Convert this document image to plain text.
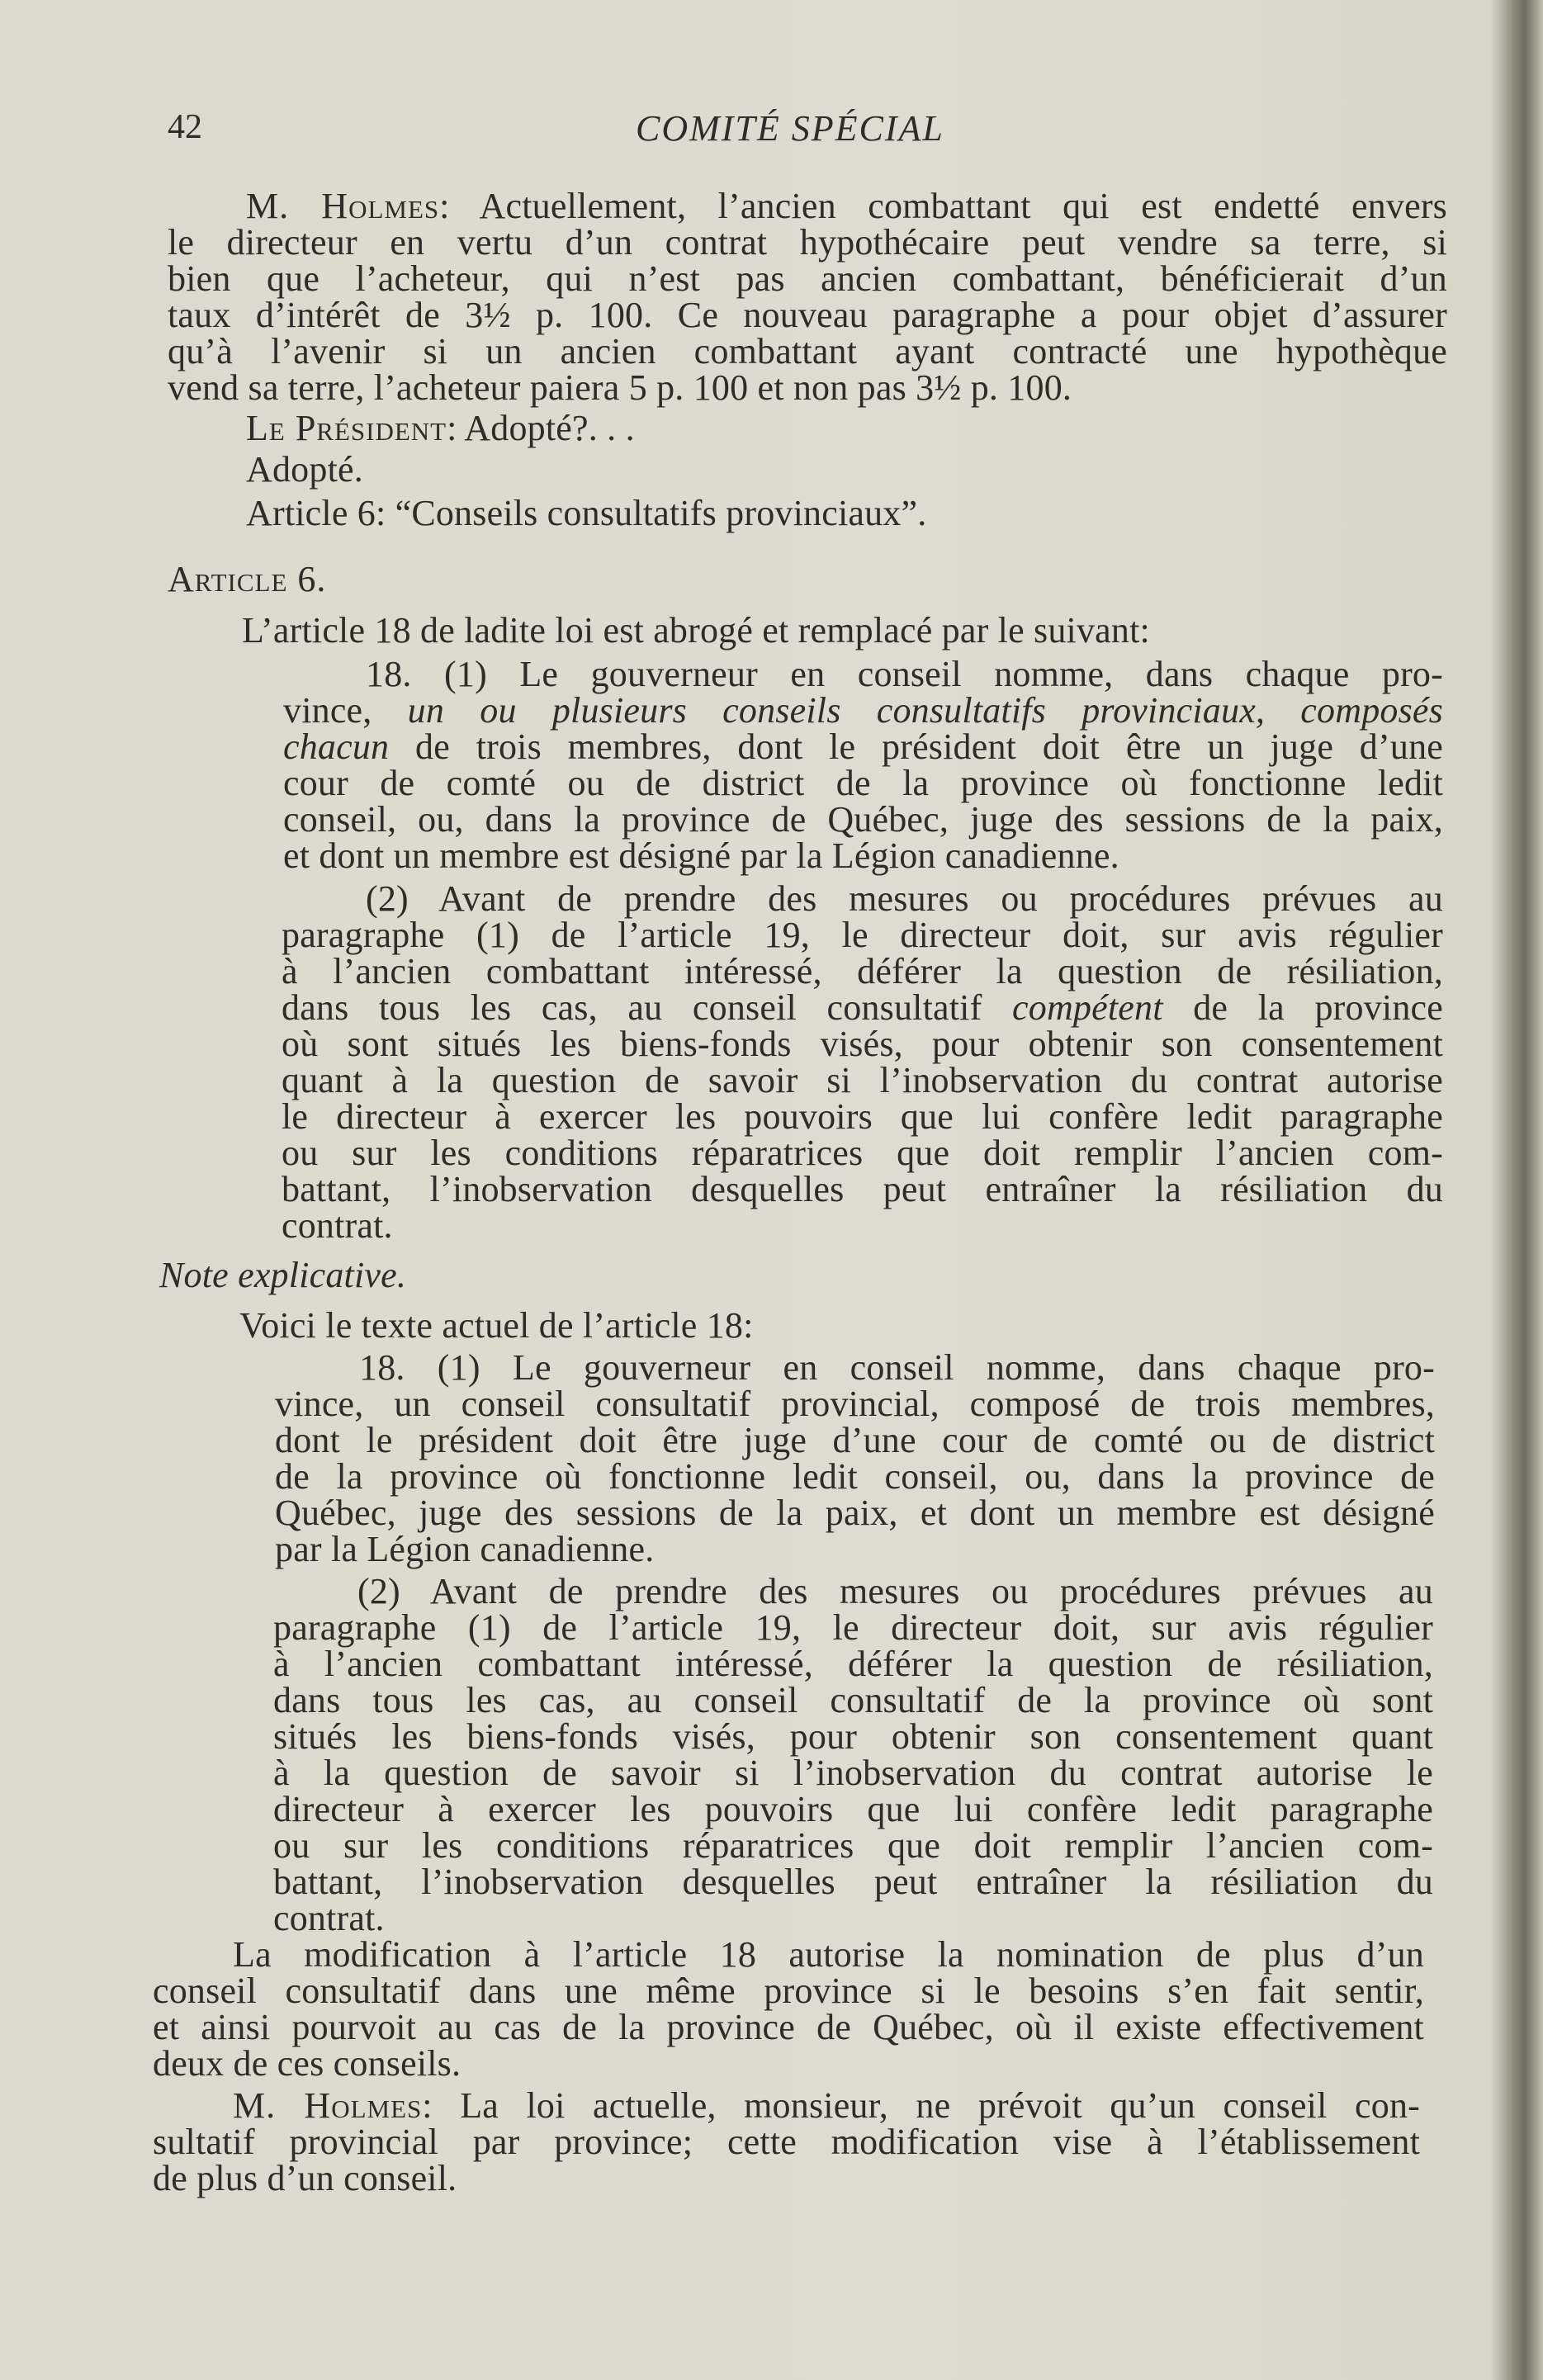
42	COMITÉ SPÉCIAL
M. Holmes: Actuellement, l’ancien combattant qui est endetté envers
le directeur en vertu d’un contrat hypothécaire peut vendre sa terre, si
bien que l’acheteur, qui n’est pas ancien combattant, bénéficierait d’un
taux d’intérêt de 3½ p. 100. Ce nouveau paragraphe a pour objet d’assurer
qu’à l’avenir si un ancien combattant ayant contracté une hypothèque
vend sa terre, l’acheteur paiera 5 p. 100 et non pas 3½ p. 100.
Le Président: Adopté?. . .
Adopté.
Article 6: “Conseils consultatifs provinciaux”.
Article 6.
L’article 18 de ladite loi est abrogé et remplacé par le suivant:
18. (1) Le gouverneur en conseil nomme, dans chaque pro-
vince, un ou plusieurs conseils consultatifs provinciaux, composés
chacun de trois membres, dont le président doit être un juge d’une
cour de comté ou de district de la province où fonctionne ledit
conseil, ou, dans la province de Québec, juge des sessions de la paix,
et dont un membre est désigné par la Légion canadienne.
(2) Avant de prendre des mesures ou procédures prévues au
paragraphe (1) de l’article 19, le directeur doit, sur avis régulier
à l’ancien combattant intéressé, déférer la question de résiliation,
dans tous les cas, au conseil consultatif compétent de la province
où sont situés les biens-fonds visés, pour obtenir son consentement
quant à la question de savoir si l’inobservation du contrat autorise
le directeur à exercer les pouvoirs que lui confère ledit paragraphe
ou sur les conditions réparatrices que doit remplir l’ancien com-
battant, l’inobservation desquelles peut entraîner la résiliation du
contrat.
Note explicative.
Voici le texte actuel de l’article 18:
18. (1) Le gouverneur en conseil nomme, dans chaque pro-
vince, un conseil consultatif provincial, composé de trois membres,
dont le président doit être juge d’une cour de comté ou de district
de la province où fonctionne ledit conseil, ou, dans la province de
Québec, juge des sessions de la paix, et dont un membre est désigné
par la Légion canadienne.
(2) Avant de prendre des mesures ou procédures prévues au
paragraphe (1) de l’article 19, le directeur doit, sur avis régulier
à l’ancien combattant intéressé, déférer la question de résiliation,
dans tous les cas, au conseil consultatif de la province où sont
situés les biens-fonds visés, pour obtenir son consentement quant
à la question de savoir si l’inobservation du contrat autorise le
directeur à exercer les pouvoirs que lui confère ledit paragraphe
ou sur les conditions réparatrices que doit remplir l’ancien com-
battant, l’inobservation desquelles peut entraîner la résiliation du
contrat.
La modification à l’article 18 autorise la nomination de plus d’un
conseil consultatif dans une même province si le besoins s’en fait sentir,
et ainsi pourvoit au cas de la province de Québec, où il existe effectivement
deux de ces conseils.
M. Holmes: La loi actuelle, monsieur, ne prévoit qu’un conseil con-
sultatif provincial par province; cette modification vise à l’établissement
de plus d’un conseil.
